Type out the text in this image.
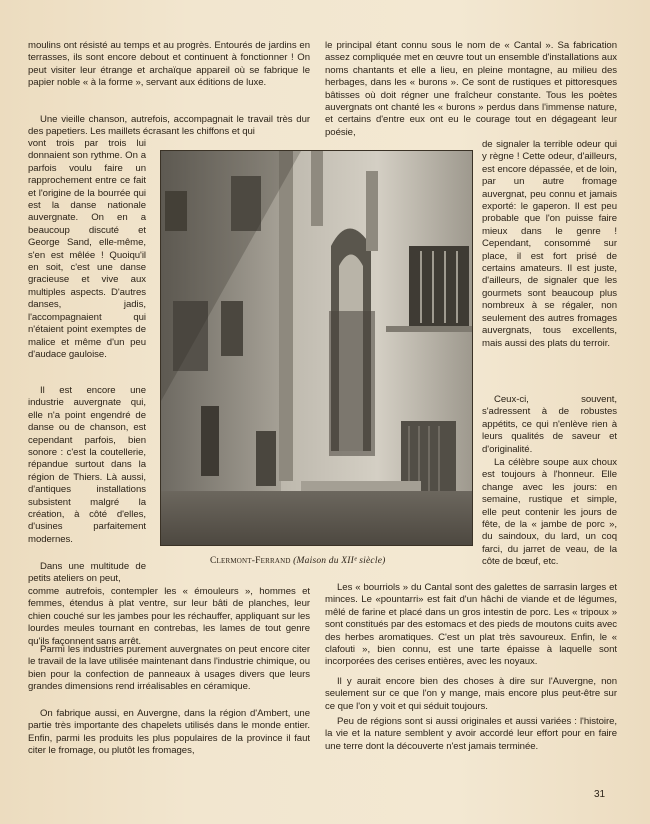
moulins ont résisté au temps et au progrès. Entourés de jardins en terrasses, ils sont encore debout et continuent à fonctionner ! On peut visiter leur étrange et archaïque appareil où se fabrique le papier noble « à la forme », servant aux éditions de luxe.

Une vieille chanson, autrefois, accompagnait le travail très dur des papetiers. Les maillets écrasant les chiffons et qui

vont trois par trois lui donnaient son rythme. On a parfois voulu faire un rapprochement entre ce fait et l'origine de la bourrée qui est la danse nationale auvergnate. On en a beaucoup discuté et George Sand, elle-même, s'en est mêlée ! Quoiqu'il en soit, c'est une danse gracieuse et vive aux multiples aspects. D'autres danses, jadis, l'accompagnaient qui n'étaient point exemptes de malice et même d'un peu d'audace gauloise.

Il est encore une industrie auvergnate qui, elle n'a point engendré de danse ou de chanson, est cependant parfois, bien sonore : c'est la coutellerie, répandue surtout dans la région de Thiers. Là aussi, d'antiques installations subsistent malgré la création, à côté d'elles, d'usines parfaitement modernes.

Dans une multitude de petits ateliers on peut,

comme autrefois, contempler les « émouleurs », hommes et femmes, étendus à plat ventre, sur leur bâti de planches, leur chien couché sur les jambes pour les réchauffer, appliquant sur les lourdes meules tournant en contrebas, les lames de tout genre qu'ils façonnent sans arrêt.

Parmi les industries purement auvergnates on peut encore citer le travail de la lave utilisée maintenant dans l'industrie chimique, ou bien pour la confection de panneaux à usages divers que leurs grandes dimensions rend irréalisables en céramique.

On fabrique aussi, en Auvergne, dans la région d'Ambert, une partie très importante des chapelets utilisés dans le monde entier. Enfin, parmi les produits les plus populaires de la province il faut citer le fromage, ou plutôt les fromages,

le principal étant connu sous le nom de « Cantal ». Sa fabrication assez compliquée met en œuvre tout un ensemble d'installations aux noms chantants et elle a lieu, en pleine montagne, au milieu des herbages, dans les « burons ». Ce sont de rustiques et pittoresques bâtisses où doit régner une fraîcheur constante. Tous les poètes auvergnats ont chanté les « burons » perdus dans l'immense nature, et certains d'entre eux ont eu le courage tout en dégageant leur poésie,

de signaler la terrible odeur qui y règne ! Cette odeur, d'ailleurs, est encore dépassée, et de loin, par un autre fromage auvergnat, peu connu et jamais exporté: le gaperon. Il est peu probable que l'on puisse faire mieux dans le genre ! Cependant, consommé sur place, il est fort prisé de certains amateurs. Il est juste, d'ailleurs, de signaler que les gourmets sont beaucoup plus nombreux à se régaler, non seulement des autres fromages auvergnats, tous excellents, mais aussi des plats du terroir.

Ceux-ci, souvent, s'adressent à de robustes appétits, ce qui n'enlève rien à leurs qualités de saveur et d'originalité.

La célèbre soupe aux choux est toujours à l'honneur. Elle change avec les jours: en semaine, rustique et simple, elle peut contenir les jours de fête, de la « jambe de porc », du saindoux, du lard, un coq farci, du jarret de veau, de la côte de bœuf, etc.

Les « bourriols » du Cantal sont des galettes de sarrasin larges et minces. Le «pountarri» est fait d'un hâchi de viande et de légumes, mêlé de farine et placé dans un gros intestin de porc. Les « tripoux » sont constitués par des estomacs et des pieds de moutons cuits avec des herbes aromatiques. C'est un plat très savoureux. Enfin, le « clafouti », bien connu, est une tarte épaisse à laquelle sont incorporées des cerises entières, avec les noyaux.

Il y aurait encore bien des choses à dire sur l'Auvergne, non seulement sur ce que l'on y mange, mais encore plus peut-être sur ce que l'on y voit et qui séduit toujours.

Peu de régions sont si aussi originales et aussi variées : l'histoire, la vie et la nature semblent y avoir accordé leur effort pour en faire une terre dont la découverte n'est jamais terminée.

Clermont-Ferrand (Maison du XIIᵉ siècle)
31
